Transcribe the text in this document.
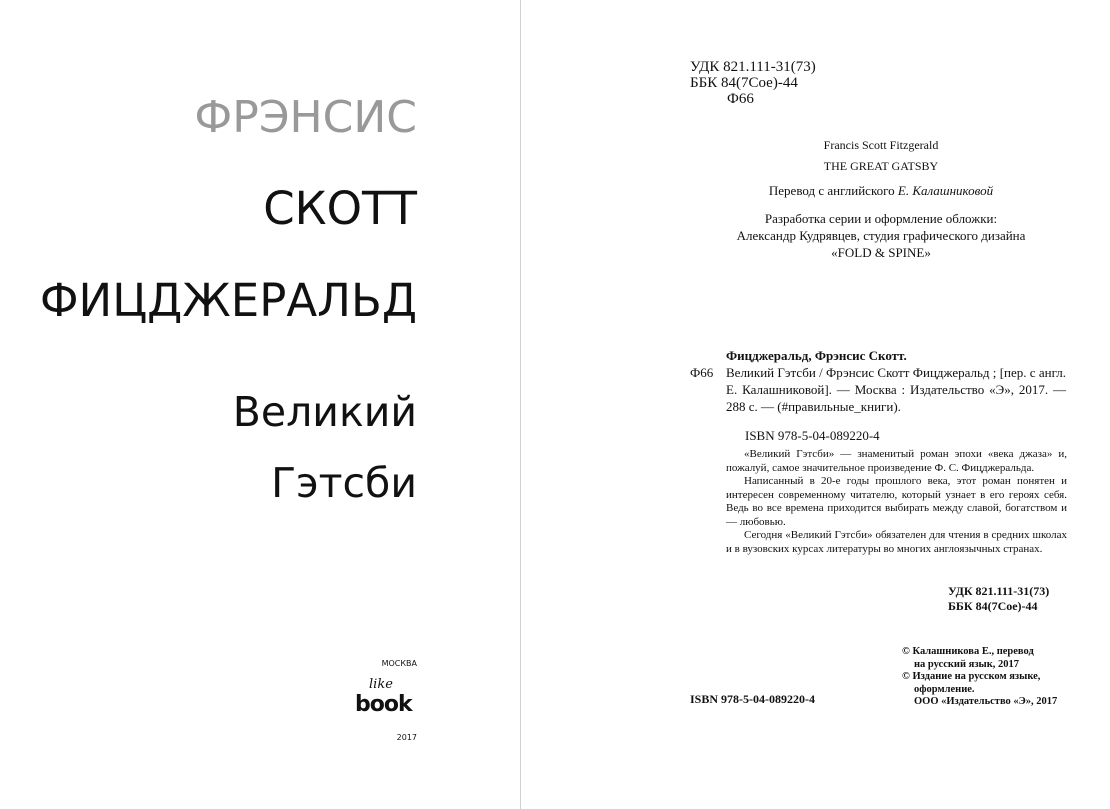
ФРЭНСИС
СКОТТ
ФИЦДЖЕРАЛЬД
Великий
Гэтсби
МОСКВА
like
book
2017
УДК 821.111-31(73)
ББК 84(7Сое)-44
Ф66
Francis Scott Fitzgerald
THE GREAT GATSBY
Перевод с английского Е. Калашниковой
Разработка серии и оформление обложки:
Александр Кудрявцев, студия графического дизайна
«FOLD & SPINE»
Фицджеральд, Фрэнсис Скотт.
Ф66 Великий Гэтсби / Фрэнсис Скотт Фицджеральд ; [пер. с англ. Е. Калашниковой]. — Москва : Издательство «Э», 2017. — 288 с. — (#правильные_книги).
ISBN 978-5-04-089220-4

«Великий Гэтсби» — знаменитый роман эпохи «века джаза» и, пожалуй, самое значительное произведение Ф. С. Фицджеральда.

Написанный в 20-е годы прошлого века, этот роман понятен и интересен современному читателю, который узнает в его героях себя. Ведь во все времена приходится выбирать между славой, богатством и — любовью.

Сегодня «Великий Гэтсби» обязателен для чтения в средних школах и в вузовских курсах литературы во многих англоязычных странах.

УДК 821.111-31(73)
ББК 84(7Сое)-44
ISBN 978-5-04-089220-4
© Калашникова Е., перевод
на русский язык, 2017
© Издание на русском языке,
оформление.
ООО «Издательство «Э», 2017
